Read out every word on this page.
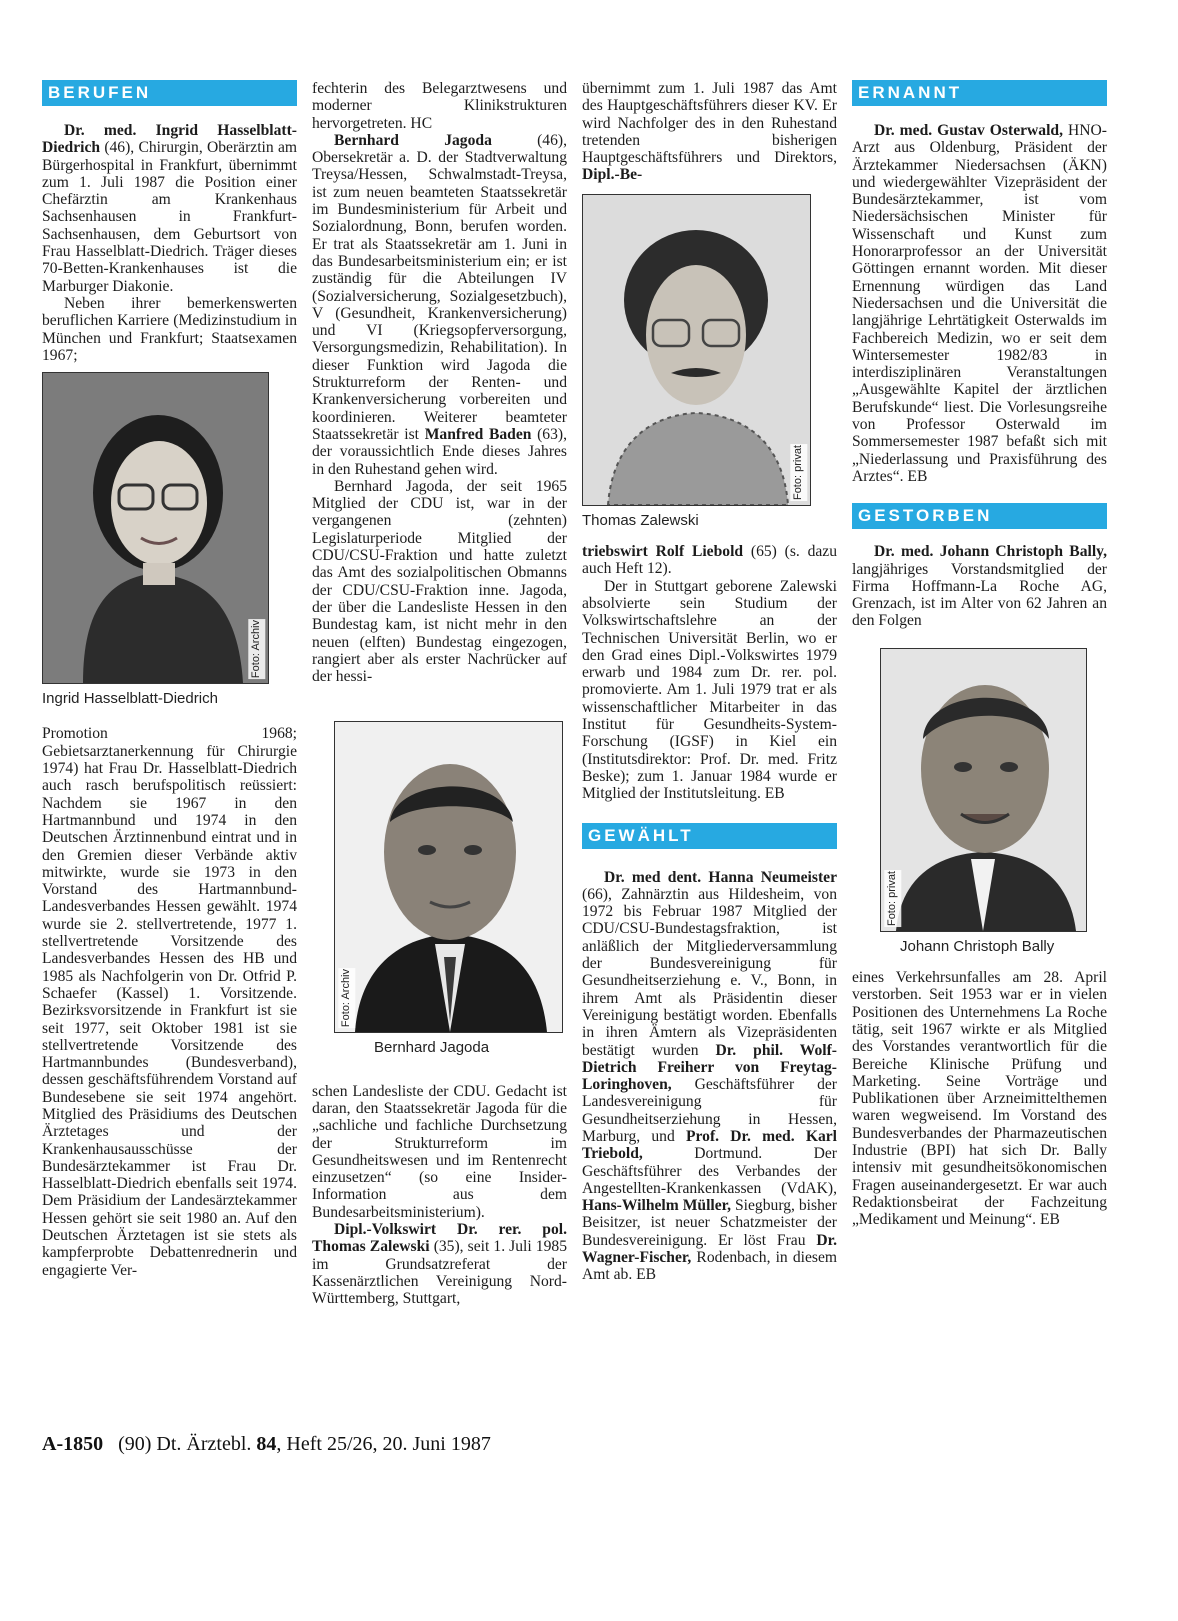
BERUFEN

Dr. med. Ingrid Hasselblatt-Diedrich (46), Chirurgin, Oberärztin am Bürgerhospital in Frankfurt, übernimmt zum 1. Juli 1987 die Position einer Chefärztin am Krankenhaus Sachsenhausen in Frankfurt-Sachsenhausen, dem Geburtsort von Frau Hasselblatt-Diedrich. Träger dieses 70-Betten-Krankenhauses ist die Marburger Diakonie.

Neben ihrer bemerkenswerten beruflichen Karriere (Medizinstudium in München und Frankfurt; Staatsexamen 1967;

Foto: Archiv
Ingrid Hasselblatt-Diedrich

Promotion 1968; Gebietsarztanerkennung für Chirurgie 1974) hat Frau Dr. Hasselblatt-Diedrich auch rasch berufspolitisch reüssiert: Nachdem sie 1967 in den Hartmannbund und 1974 in den Deutschen Ärztinnenbund eintrat und in den Gremien dieser Verbände aktiv mitwirkte, wurde sie 1973 in den Vorstand des Hartmannbund-Landesverbandes Hessen gewählt. 1974 wurde sie 2. stellvertretende, 1977 1. stellvertretende Vorsitzende des Landesverbandes Hessen des HB und 1985 als Nachfolgerin von Dr. Otfrid P. Schaefer (Kassel) 1. Vorsitzende. Bezirksvorsitzende in Frankfurt ist sie seit 1977, seit Oktober 1981 ist sie stellvertretende Vorsitzende des Hartmannbundes (Bundesverband), dessen geschäftsführendem Vorstand auf Bundesebene sie seit 1974 angehört. Mitglied des Präsidiums des Deutschen Ärztetages und der Krankenhausausschüsse der Bundesärztekammer ist Frau Dr. Hasselblatt-Diedrich ebenfalls seit 1974. Dem Präsidium der Landesärztekammer Hessen gehört sie seit 1980 an. Auf den Deutschen Ärztetagen ist sie stets als kampferprobte Debattenrednerin und engagierte Ver-

fechterin des Belegarztwesens und moderner Klinikstrukturen hervorgetreten. HC

Bernhard Jagoda (46), Obersekretär a. D. der Stadtverwaltung Treysa/Hessen, Schwalmstadt-Treysa, ist zum neuen beamteten Staatssekretär im Bundesministerium für Arbeit und Sozialordnung, Bonn, berufen worden. Er trat als Staatssekretär am 1. Juni in das Bundesarbeitsministerium ein; er ist zuständig für die Abteilungen IV (Sozialversicherung, Sozialgesetzbuch), V (Gesundheit, Krankenversicherung) und VI (Kriegsopferversorgung, Versorgungsmedizin, Rehabilitation). In dieser Funktion wird Jagoda die Strukturreform der Renten- und Krankenversicherung vorbereiten und koordinieren. Weiterer beamteter Staatssekretär ist Manfred Baden (63), der voraussichtlich Ende dieses Jahres in den Ruhestand gehen wird.

Bernhard Jagoda, der seit 1965 Mitglied der CDU ist, war in der vergangenen (zehnten) Legislaturperiode Mitglied der CDU/CSU-Fraktion und hatte zuletzt das Amt des sozialpolitischen Obmanns der CDU/CSU-Fraktion inne. Jagoda, der über die Landesliste Hessen in den Bundestag kam, ist nicht mehr in den neuen (elften) Bundestag eingezogen, rangiert aber als erster Nachrücker auf der hessi-

Foto: Archiv
Bernhard Jagoda

schen Landesliste der CDU. Gedacht ist daran, den Staatssekretär Jagoda für die „sachliche und fachliche Durchsetzung der Strukturreform im Gesundheitswesen und im Rentenrecht einzusetzen“ (so eine Insider-Information aus dem Bundesarbeitsministerium).

Dipl.-Volkswirt Dr. rer. pol. Thomas Zalewski (35), seit 1. Juli 1985 im Grundsatzreferat der Kassenärztlichen Vereinigung Nord-Württemberg, Stuttgart,

übernimmt zum 1. Juli 1987 das Amt des Hauptgeschäftsführers dieser KV. Er wird Nachfolger des in den Ruhestand tretenden bisherigen Hauptgeschäftsführers und Direktors, Dipl.-Be-

Foto: privat
Thomas Zalewski

triebswirt Rolf Liebold (65) (s. dazu auch Heft 12).

Der in Stuttgart geborene Zalewski absolvierte sein Studium der Volkswirtschaftslehre an der Technischen Universität Berlin, wo er den Grad eines Dipl.-Volkswirtes 1979 erwarb und 1984 zum Dr. rer. pol. promovierte. Am 1. Juli 1979 trat er als wissenschaftlicher Mitarbeiter in das Institut für Gesundheits-System-Forschung (IGSF) in Kiel ein (Institutsdirektor: Prof. Dr. med. Fritz Beske); zum 1. Januar 1984 wurde er Mitglied der Institutsleitung. EB

GEWÄHLT

Dr. med dent. Hanna Neumeister (66), Zahnärztin aus Hildesheim, von 1972 bis Februar 1987 Mitglied der CDU/CSU-Bundestagsfraktion, ist anläßlich der Mitgliederversammlung der Bundesvereinigung für Gesundheitserziehung e. V., Bonn, in ihrem Amt als Präsidentin dieser Vereinigung bestätigt worden. Ebenfalls in ihren Ämtern als Vizepräsidenten bestätigt wurden Dr. phil. Wolf-Dietrich Freiherr von Freytag-Loringhoven, Geschäftsführer der Landesvereinigung für Gesundheitserziehung in Hessen, Marburg, und Prof. Dr. med. Karl Triebold, Dortmund. Der Geschäftsführer des Verbandes der Angestellten-Krankenkassen (VdAK), Hans-Wilhelm Müller, Siegburg, bisher Beisitzer, ist neuer Schatzmeister der Bundesvereinigung. Er löst Frau Dr. Wagner-Fischer, Rodenbach, in diesem Amt ab. EB

ERNANNT

Dr. med. Gustav Osterwald, HNO-Arzt aus Oldenburg, Präsident der Ärztekammer Niedersachsen (ÄKN) und wiedergewählter Vizepräsident der Bundesärztekammer, ist vom Niedersächsischen Minister für Wissenschaft und Kunst zum Honorarprofessor an der Universität Göttingen ernannt worden. Mit dieser Ernennung würdigen das Land Niedersachsen und die Universität die langjährige Lehrtätigkeit Osterwalds im Fachbereich Medizin, wo er seit dem Wintersemester 1982/83 in interdisziplinären Veranstaltungen „Ausgewählte Kapitel der ärztlichen Berufskunde“ liest. Die Vorlesungsreihe von Professor Osterwald im Sommersemester 1987 befaßt sich mit „Niederlassung und Praxisführung des Arztes“. EB

GESTORBEN

Dr. med. Johann Christoph Bally, langjähriges Vorstandsmitglied der Firma Hoffmann-La Roche AG, Grenzach, ist im Alter von 62 Jahren an den Folgen

Foto: privat
Johann Christoph Bally

eines Verkehrsunfalles am 28. April verstorben. Seit 1953 war er in vielen Positionen des Unternehmens La Roche tätig, seit 1967 wirkte er als Mitglied des Vorstandes verantwortlich für die Bereiche Klinische Prüfung und Marketing. Seine Vorträge und Publikationen über Arzneimittelthemen waren wegweisend. Im Vorstand des Bundesverbandes der Pharmazeutischen Industrie (BPI) hat sich Dr. Bally intensiv mit gesundheitsökonomischen Fragen auseinandergesetzt. Er war auch Redaktionsbeirat der Fachzeitung „Medikament und Meinung“. EB

A-1850 (90) Dt. Ärztebl. 84, Heft 25/26, 20. Juni 1987
